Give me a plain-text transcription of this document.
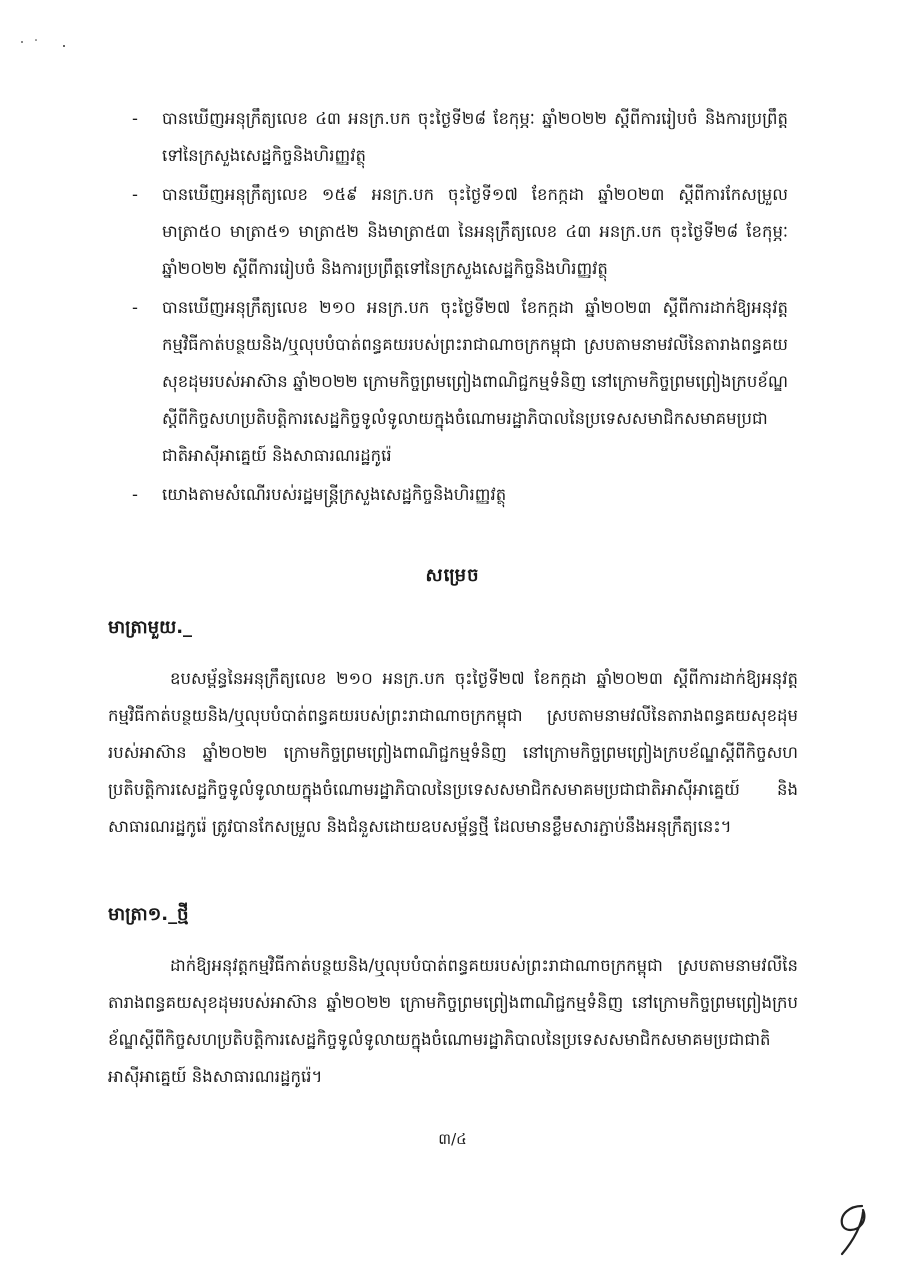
- បានឃើញអនុក្រឹត្យលេខ ៤៣ អនក្រ.បក ចុះថ្ងៃទី២៨ ខែកុម្ភៈ ឆ្នាំ២០២២ ស្តីពីការរៀបចំ និងការប្រព្រឹត្តទៅនៃក្រសួងសេដ្ឋកិច្ចនិងហិរញ្ញវត្ថុ
- បានឃើញអនុក្រឹត្យលេខ ១៥៩ អនក្រ.បក ចុះថ្ងៃទី១៧ ខែកក្កដា ឆ្នាំ២០២៣ ស្តីពីការកែសម្រួលមាត្រា៥០ មាត្រា៥១ មាត្រា៥២ និងមាត្រា៥៣ នៃអនុក្រឹត្យលេខ ៤៣ អនក្រ.បក ចុះថ្ងៃទី២៨ ខែកុម្ភៈ ឆ្នាំ២០២២ ស្តីពីការរៀបចំ និងការប្រព្រឹត្តទៅនៃក្រសួងសេដ្ឋកិច្ចនិងហិរញ្ញវត្ថុ
- បានឃើញអនុក្រឹត្យលេខ ២១០ អនក្រ.បក ចុះថ្ងៃទី២៧ ខែកក្កដា ឆ្នាំ២០២៣ ស្តីពីការដាក់ឱ្យអនុវត្តកម្មវិធីកាត់បន្ថយនិង/ឬលុបបំបាត់ពន្ធគយរបស់ព្រះរាជាណាចក្រកម្ពុជា ស្របតាមនាមវលីនៃតារាងពន្ធគយសុខដុមរបស់អាស៊ាន ឆ្នាំ២០២២ ក្រោមកិច្ចព្រមព្រៀងពាណិជ្ជកម្មទំនិញ នៅក្រោមកិច្ចព្រមព្រៀងក្របខ័ណ្ឌស្តីពីកិច្ចសហប្រតិបត្តិការសេដ្ឋកិច្ចទូលំទូលាយក្នុងចំណោមរដ្ឋាភិបាលនៃប្រទេសសមាជិកសមាគមប្រជាជាតិអាស៊ីអាគ្នេយ៍ និងសាធារណរដ្ឋកូរ៉េ
- យោងតាមសំណើរបស់រដ្ឋមន្ត្រីក្រសួងសេដ្ឋកិច្ចនិងហិរញ្ញវត្ថុ
សម្រេច
មាត្រាមួយ._

ឧបសម្ព័ន្ធនៃអនុក្រឹត្យលេខ ២១០ អនក្រ.បក ចុះថ្ងៃទី២៧ ខែកក្កដា ឆ្នាំ២០២៣ ស្តីពីការដាក់ឱ្យអនុវត្តកម្មវិធីកាត់បន្ថយនិង/ឬលុបបំបាត់ពន្ធគយរបស់ព្រះរាជាណាចក្រកម្ពុជា ស្របតាមនាមវលីនៃតារាងពន្ធគយសុខដុមរបស់អាស៊ាន ឆ្នាំ២០២២ ក្រោមកិច្ចព្រមព្រៀងពាណិជ្ជកម្មទំនិញ នៅក្រោមកិច្ចព្រមព្រៀងក្របខ័ណ្ឌស្តីពីកិច្ចសហប្រតិបត្តិការសេដ្ឋកិច្ចទូលំទូលាយក្នុងចំណោមរដ្ឋាភិបាលនៃប្រទេសសមាជិកសមាគមប្រជាជាតិអាស៊ីអាគ្នេយ៍ និងសាធារណរដ្ឋកូរ៉េ ត្រូវបានកែសម្រួល និងជំនួសដោយឧបសម្ព័ន្ធថ្មី ដែលមានខ្លឹមសារភ្ជាប់នឹងអនុក្រឹត្យនេះ។

មាត្រា១._ថ្មី

ដាក់ឱ្យអនុវត្តកម្មវិធីកាត់បន្ថយនិង/ឬលុបបំបាត់ពន្ធគយរបស់ព្រះរាជាណាចក្រកម្ពុជា ស្របតាមនាមវលីនៃតារាងពន្ធគយសុខដុមរបស់អាស៊ាន ឆ្នាំ២០២២ ក្រោមកិច្ចព្រមព្រៀងពាណិជ្ជកម្មទំនិញ នៅក្រោមកិច្ចព្រមព្រៀងក្របខ័ណ្ឌស្តីពីកិច្ចសហប្រតិបត្តិការសេដ្ឋកិច្ចទូលំទូលាយក្នុងចំណោមរដ្ឋាភិបាលនៃប្រទេសសមាជិកសមាគមប្រជាជាតិអាស៊ីអាគ្នេយ៍ និងសាធារណរដ្ឋកូរ៉េ។

៣/៤
